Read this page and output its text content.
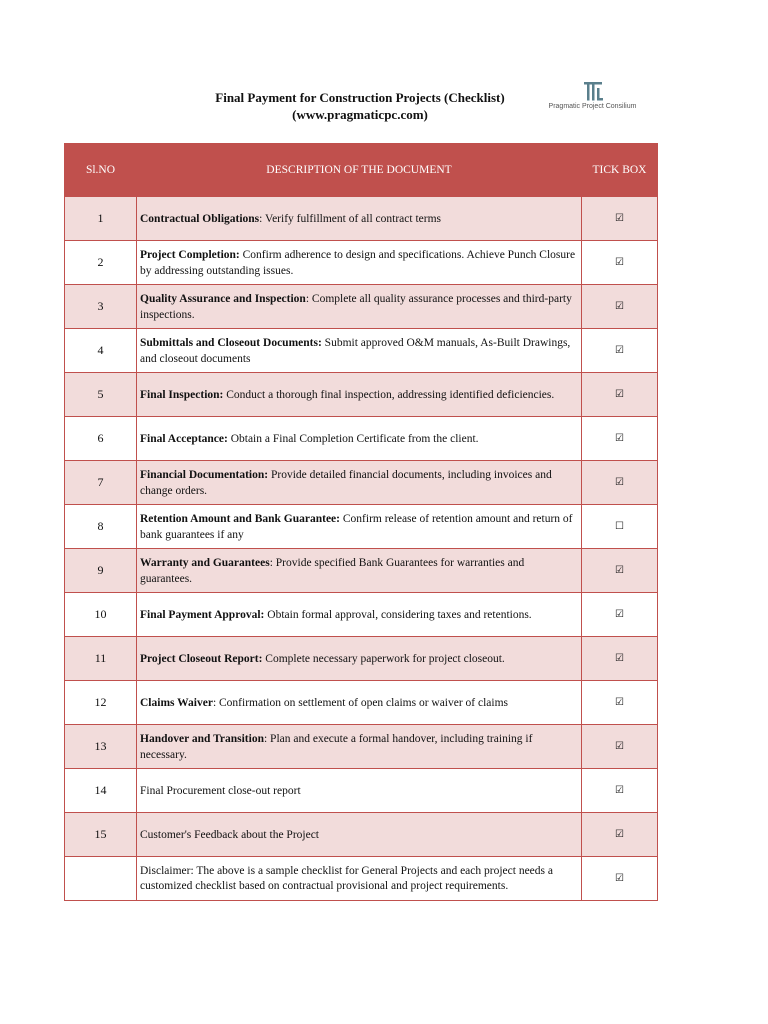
Final Payment for Construction Projects (Checklist)
(www.pragmaticpc.com)
Pragmatic Project Consilium
Sl.NO	DESCRIPTION OF THE DOCUMENT	TICK BOX
1	Contractual Obligations: Verify fulfillment of all contract terms	☑
2	Project Completion: Confirm adherence to design and specifications. Achieve Punch Closure by addressing outstanding issues.	☑
3	Quality Assurance and Inspection: Complete all quality assurance processes and third-party inspections.	☑
4	Submittals and Closeout Documents: Submit approved O&M manuals, As-Built Drawings, and closeout documents	☑
5	Final Inspection: Conduct a thorough final inspection, addressing identified deficiencies.	☑
6	Final Acceptance: Obtain a Final Completion Certificate from the client.	☑
7	Financial Documentation: Provide detailed financial documents, including invoices and change orders.	☑
8	Retention Amount and Bank Guarantee: Confirm release of retention amount and return of bank guarantees if any	☐
9	Warranty and Guarantees: Provide specified Bank Guarantees for warranties and guarantees.	☑
10	Final Payment Approval: Obtain formal approval, considering taxes and retentions.	☑
11	Project Closeout Report: Complete necessary paperwork for project closeout.	☑
12	Claims Waiver: Confirmation on settlement of open claims or waiver of claims	☑
13	Handover and Transition: Plan and execute a formal handover, including training if necessary.	☑
14	Final Procurement close-out report	☑
15	Customer's Feedback about the Project	☑
	Disclaimer: The above is a sample checklist for General Projects and each project needs a customized checklist based on contractual provisional and project requirements.	☑
